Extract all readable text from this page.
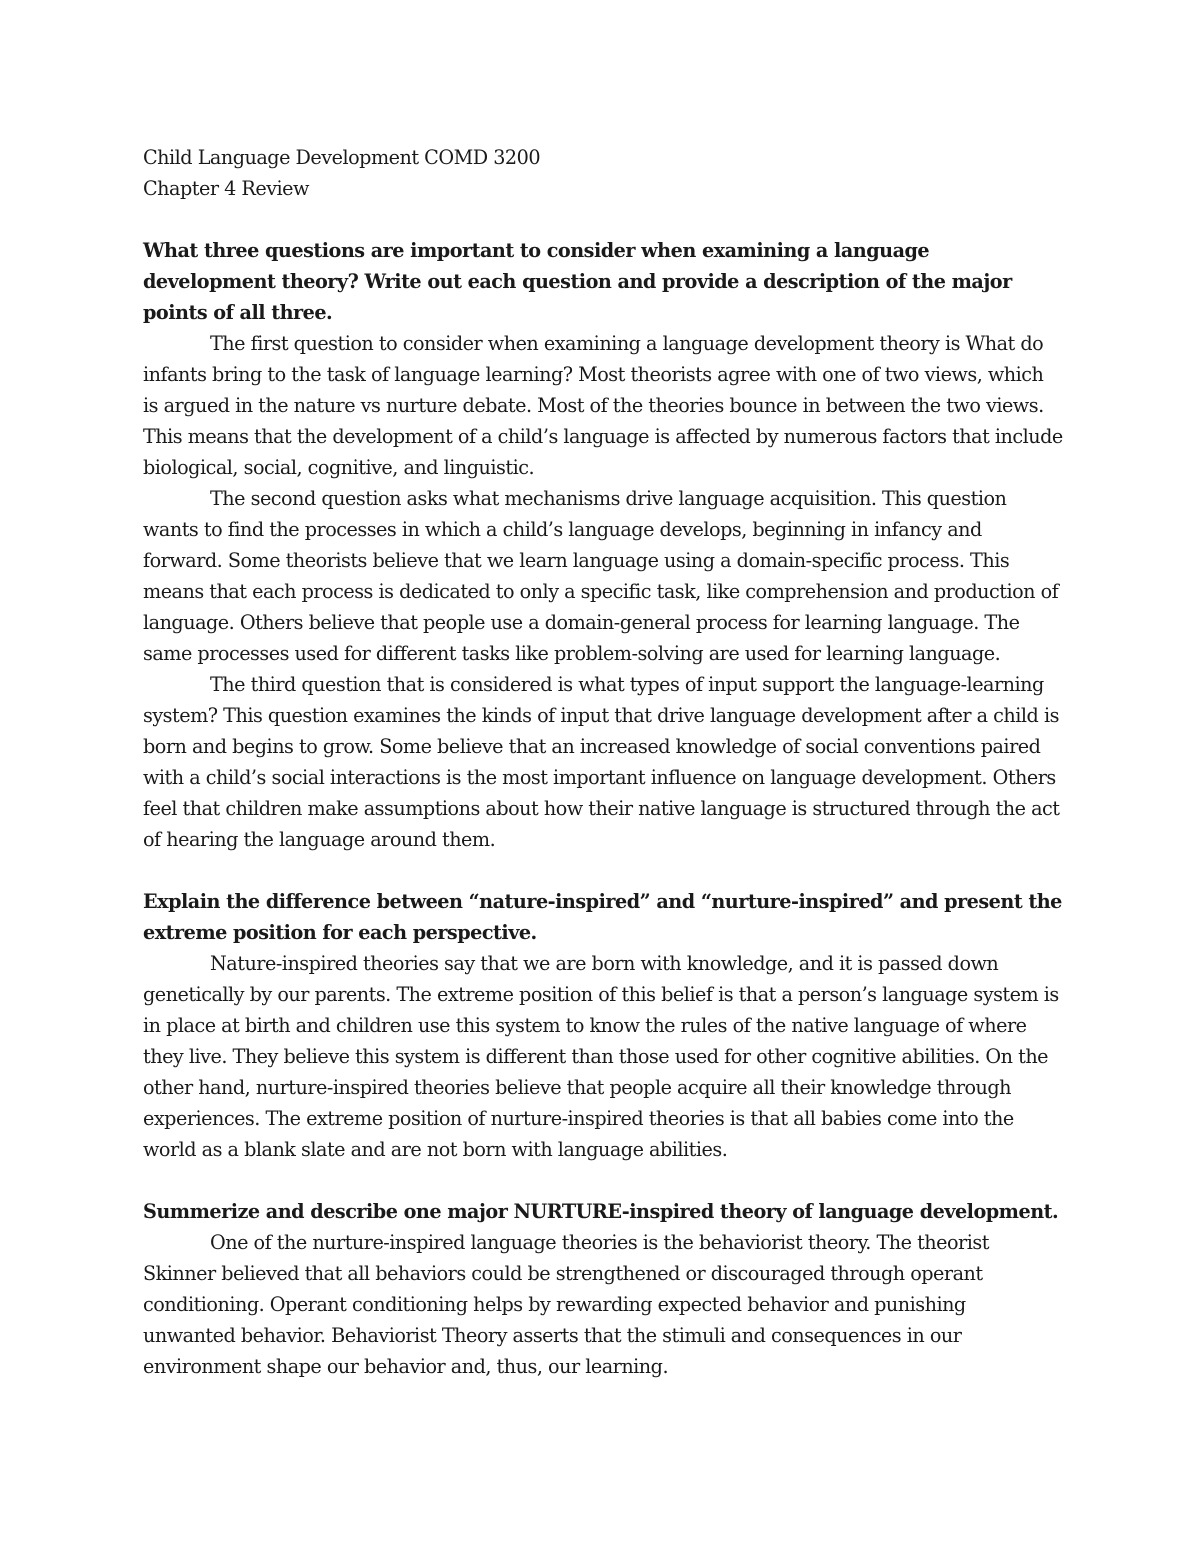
Child Language Development COMD 3200

Chapter 4 Review

What three questions are important to consider when examining a language development theory? Write out each question and provide a description of the major points of all three.

The first question to consider when examining a language development theory is What do infants bring to the task of language learning? Most theorists agree with one of two views, which is argued in the nature vs nurture debate. Most of the theories bounce in between the two views. This means that the development of a child’s language is affected by numerous factors that include biological, social, cognitive, and linguistic.

The second question asks what mechanisms drive language acquisition. This question wants to find the processes in which a child’s language develops, beginning in infancy and forward. Some theorists believe that we learn language using a domain-specific process. This means that each process is dedicated to only a specific task, like comprehension and production of language. Others believe that people use a domain-general process for learning language. The same processes used for different tasks like problem-solving are used for learning language.

The third question that is considered is what types of input support the language-learning system? This question examines the kinds of input that drive language development after a child is born and begins to grow. Some believe that an increased knowledge of social conventions paired with a child’s social interactions is the most important influence on language development. Others feel that children make assumptions about how their native language is structured through the act of hearing the language around them.

Explain the difference between “nature-inspired” and “nurture-inspired” and present the extreme position for each perspective.

Nature-inspired theories say that we are born with knowledge, and it is passed down genetically by our parents. The extreme position of this belief is that a person’s language system is in place at birth and children use this system to know the rules of the native language of where they live. They believe this system is different than those used for other cognitive abilities. On the other hand, nurture-inspired theories believe that people acquire all their knowledge through experiences. The extreme position of nurture-inspired theories is that all babies come into the world as a blank slate and are not born with language abilities.

Summerize and describe one major NURTURE-inspired theory of language development.

One of the nurture-inspired language theories is the behaviorist theory. The theorist Skinner believed that all behaviors could be strengthened or discouraged through operant conditioning. Operant conditioning helps by rewarding expected behavior and punishing unwanted behavior. Behaviorist Theory asserts that the stimuli and consequences in our environment shape our behavior and, thus, our learning.
